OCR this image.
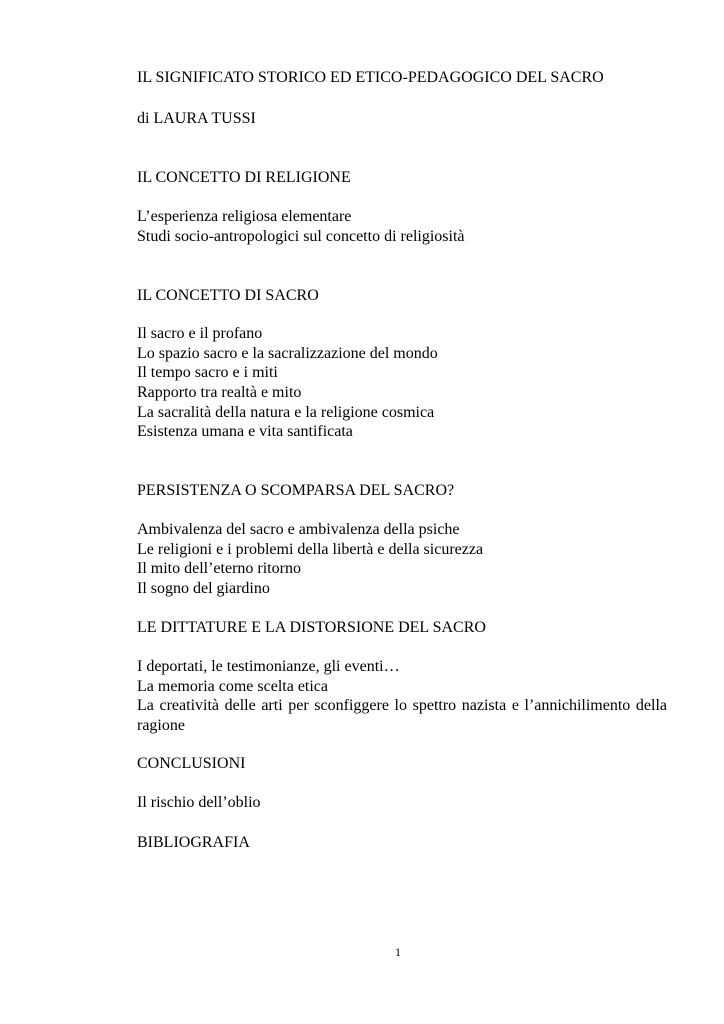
IL SIGNIFICATO STORICO ED ETICO-PEDAGOGICO DEL SACRO
di LAURA TUSSI
IL CONCETTO DI RELIGIONE
L’esperienza religiosa elementare
Studi socio-antropologici sul concetto di religiosità
IL CONCETTO DI SACRO
Il sacro e il profano
Lo spazio sacro e la sacralizzazione del mondo
Il tempo sacro e i miti
Rapporto tra realtà e mito
La sacralità della natura e la religione cosmica
Esistenza umana e vita santificata
PERSISTENZA O SCOMPARSA DEL SACRO?
Ambivalenza del sacro e ambivalenza della psiche
Le religioni e i problemi della libertà e della sicurezza
Il mito dell’eterno ritorno
Il sogno del giardino
LE DITTATURE E LA DISTORSIONE DEL SACRO
I deportati, le testimonianze, gli eventi…
La memoria come scelta etica
La creatività delle arti per sconfiggere lo spettro nazista e l’annichilimento della ragione
CONCLUSIONI
Il rischio dell’oblio
BIBLIOGRAFIA
1
